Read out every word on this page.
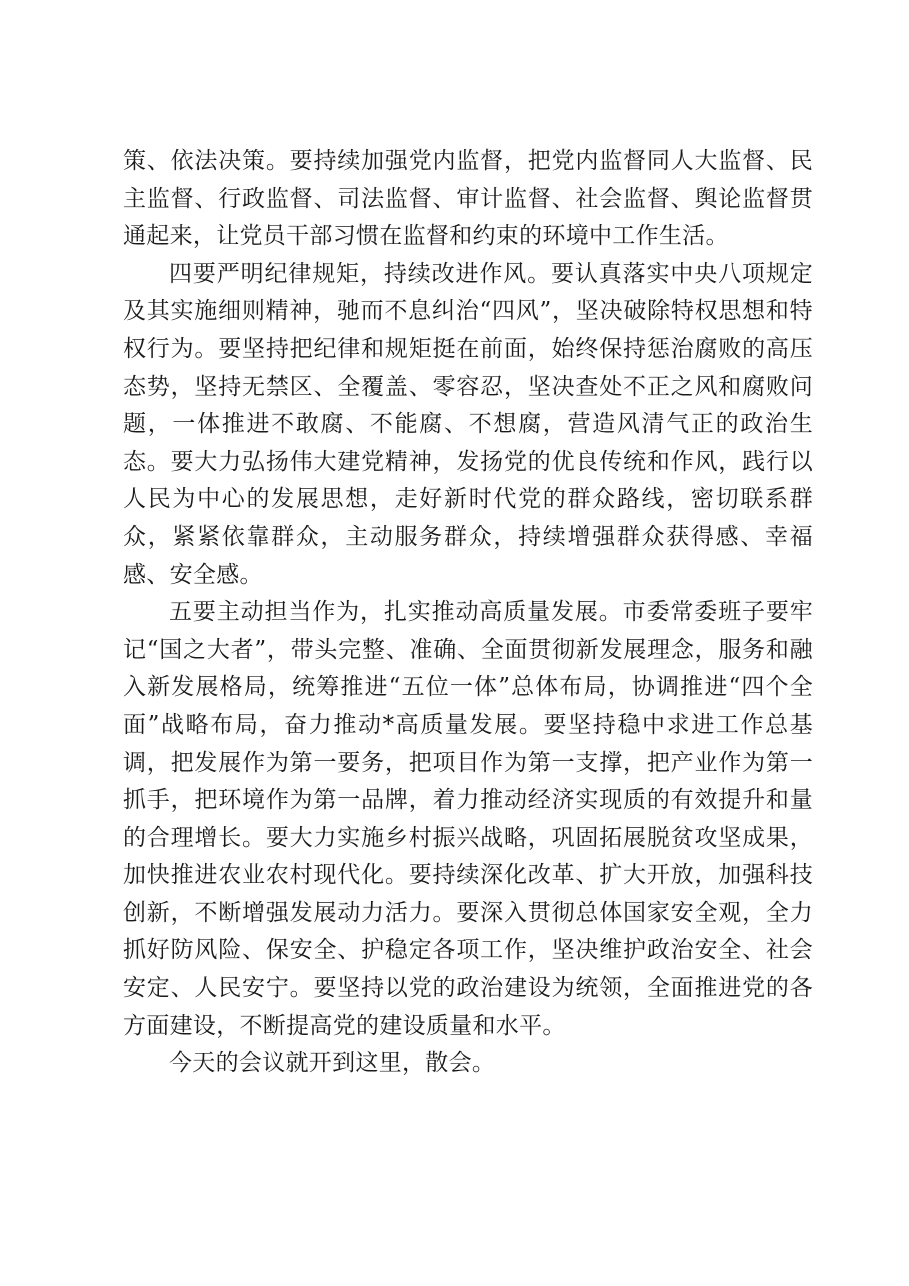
策、依法决策。要持续加强党内监督，把党内监督同人大监督、民主监督、行政监督、司法监督、审计监督、社会监督、舆论监督贯通起来，让党员干部习惯在监督和约束的环境中工作生活。

四要严明纪律规矩，持续改进作风。要认真落实中央八项规定及其实施细则精神，驰而不息纠治“四风”，坚决破除特权思想和特权行为。要坚持把纪律和规矩挺在前面，始终保持惩治腐败的高压态势，坚持无禁区、全覆盖、零容忍，坚决查处不正之风和腐败问题，一体推进不敢腐、不能腐、不想腐，营造风清气正的政治生态。要大力弘扬伟大建党精神，发扬党的优良传统和作风，践行以人民为中心的发展思想，走好新时代党的群众路线，密切联系群众，紧紧依靠群众，主动服务群众，持续增强群众获得感、幸福感、安全感。

五要主动担当作为，扎实推动高质量发展。市委常委班子要牢记“国之大者”，带头完整、准确、全面贯彻新发展理念，服务和融入新发展格局，统筹推进“五位一体”总体布局，协调推进“四个全面”战略布局，奋力推动*高质量发展。要坚持稳中求进工作总基调，把发展作为第一要务，把项目作为第一支撑，把产业作为第一抓手，把环境作为第一品牌，着力推动经济实现质的有效提升和量的合理增长。要大力实施乡村振兴战略，巩固拓展脱贫攻坚成果，加快推进农业农村现代化。要持续深化改革、扩大开放，加强科技创新，不断增强发展动力活力。要深入贯彻总体国家安全观，全力抓好防风险、保安全、护稳定各项工作，坚决维护政治安全、社会安定、人民安宁。要坚持以党的政治建设为统领，全面推进党的各方面建设，不断提高党的建设质量和水平。

今天的会议就开到这里，散会。
